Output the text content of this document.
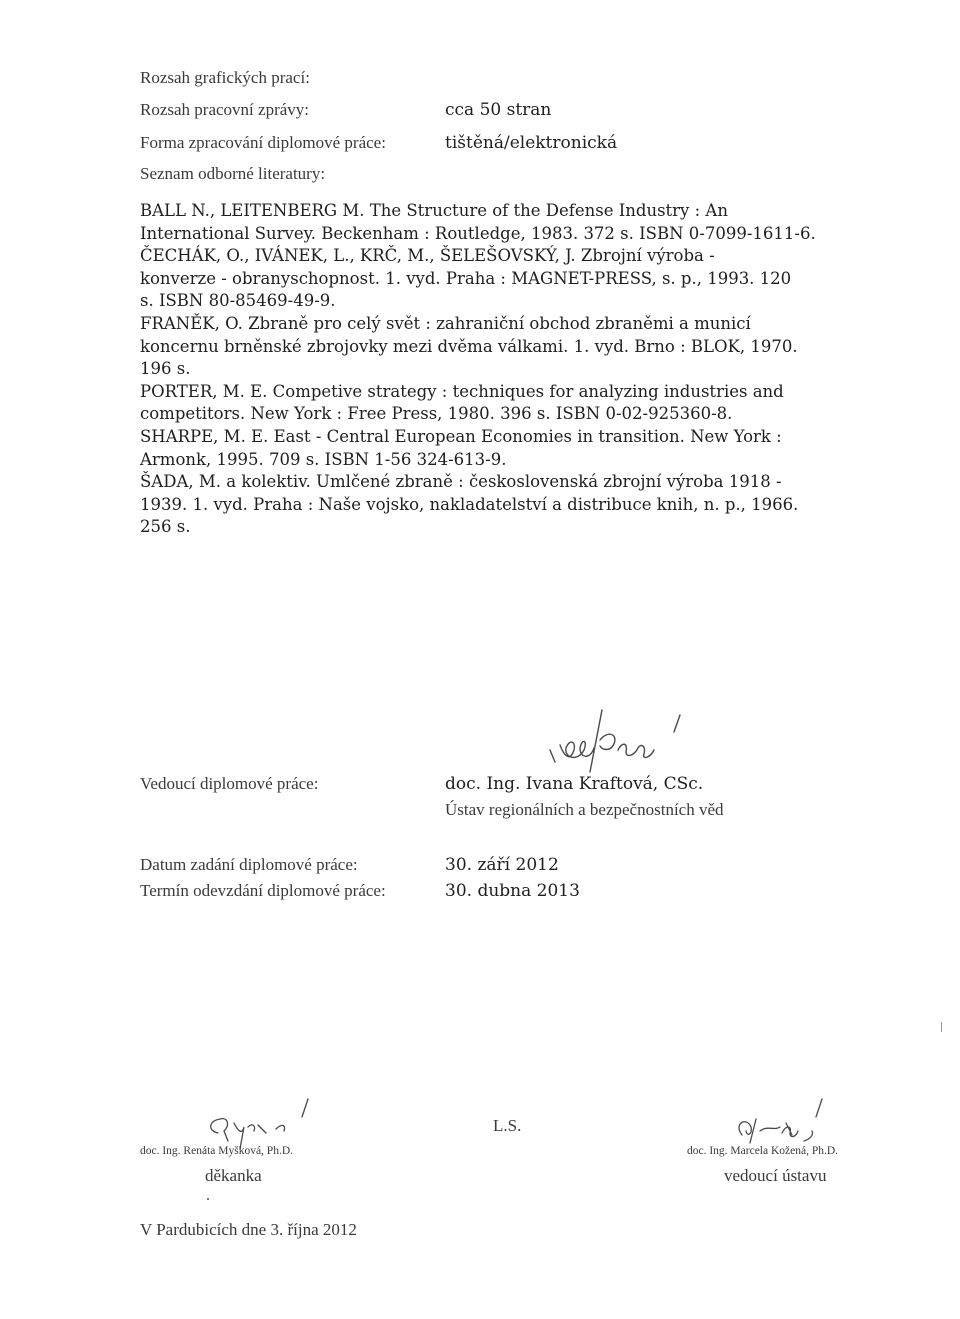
Rozsah grafických prací:
Rozsah pracovní zprávy:	cca 50 stran
Forma zpracování diplomové práce:	tištěná/elektronická
Seznam odborné literatury:
BALL N., LEITENBERG M. The Structure of the Defense Industry : An
International Survey. Beckenham : Routledge, 1983. 372 s. ISBN 0-7099-1611-6.
ČECHÁK, O., IVÁNEK, L., KRČ, M., ŠELEŠOVSKÝ, J. Zbrojní výroba -
konverze - obranyschopnost. 1. vyd. Praha : MAGNET-PRESS, s. p., 1993. 120
s. ISBN 80-85469-49-9.
FRANĚK, O. Zbraně pro celý svět : zahraniční obchod zbraněmi a municí
koncernu brněnské zbrojovky mezi dvěma válkami. 1. vyd. Brno : BLOK, 1970.
196 s.
PORTER, M. E. Competive strategy : techniques for analyzing industries and
competitors. New York : Free Press, 1980. 396 s. ISBN 0-02-925360-8.
SHARPE, M. E. East - Central European Economies in transition. New York :
Armonk, 1995. 709 s. ISBN 1-56 324-613-9.
ŠADA, M. a kolektiv. Umlčené zbraně : československá zbrojní výroba 1918 -
1939. 1. vyd. Praha : Naše vojsko, nakladatelství a distribuce knih, n. p., 1966.
256 s.
Vedoucí diplomové práce:	doc. Ing. Ivana Kraftová, CSc.
Ústav regionálních a bezpečnostních věd
Datum zadání diplomové práce:	30. září 2012
Termín odevzdání diplomové práce:	30. dubna 2013
doc. Ing. Renáta Myšková, Ph.D.
děkanka
L.S.
doc. Ing. Marcela Kožená, Ph.D.
vedoucí ústavu
V Pardubicích dne 3. října 2012
